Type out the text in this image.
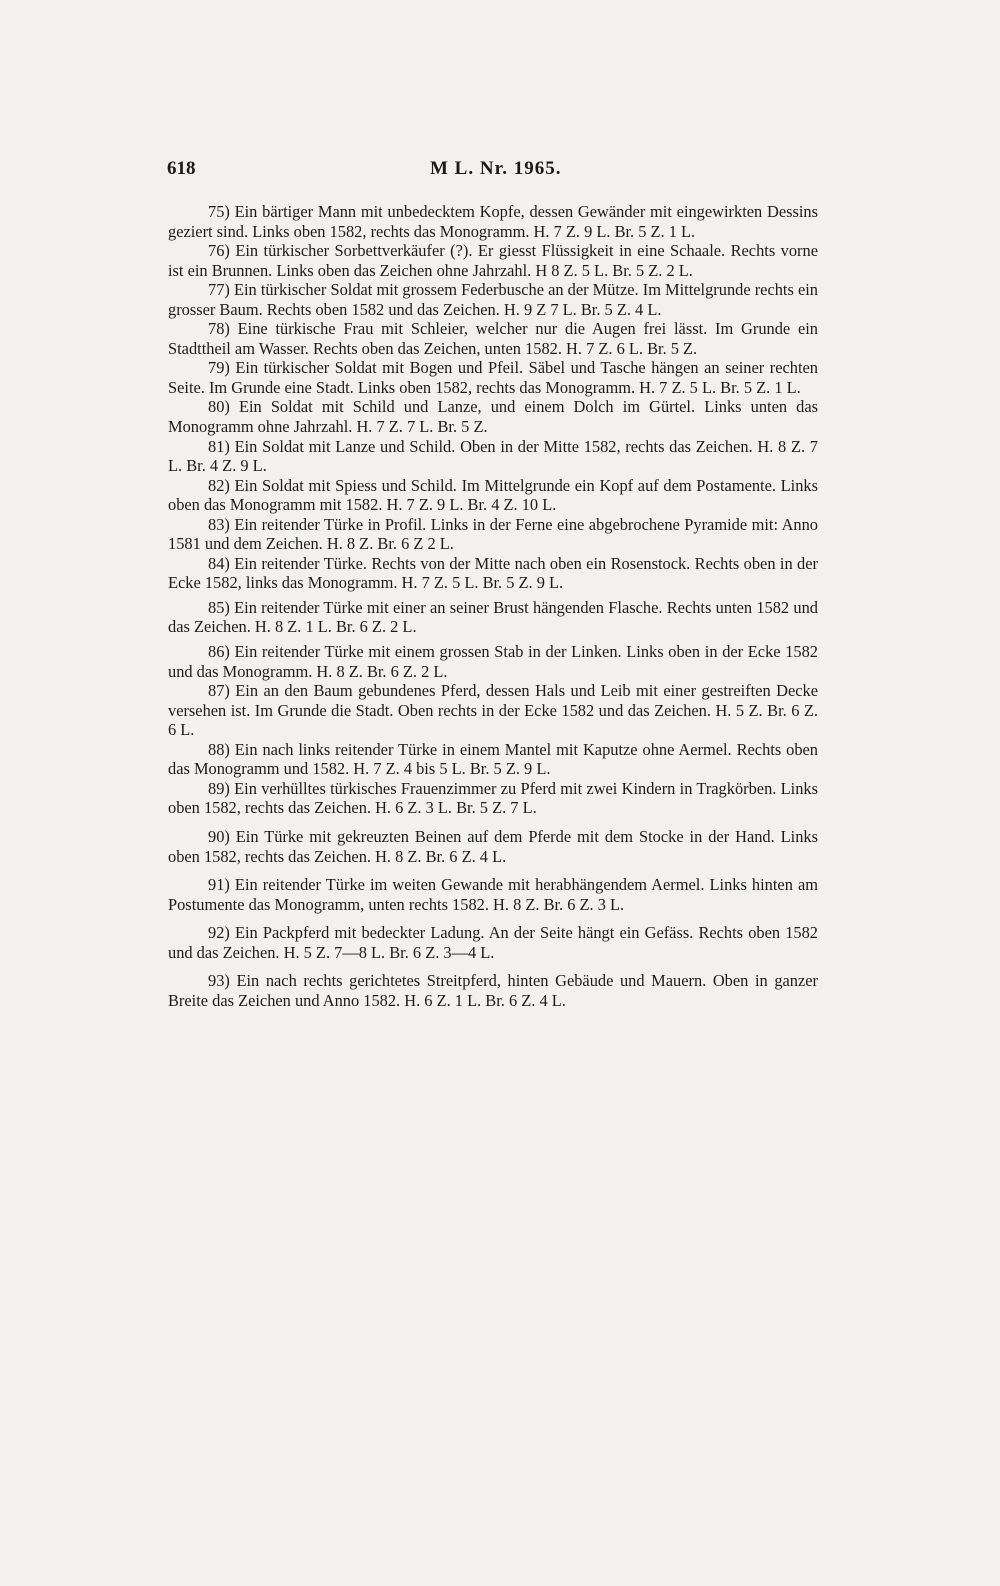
618	M L. Nr. 1965.

75) Ein bärtiger Mann mit unbedecktem Kopfe, dessen Gewänder mit eingewirkten Dessins geziert sind. Links oben 1582, rechts das Monogramm. H. 7 Z. 9 L. Br. 5 Z. 1 L.

76) Ein türkischer Sorbettverkäufer (?). Er giesst Flüssigkeit in eine Schaale. Rechts vorne ist ein Brunnen. Links oben das Zeichen ohne Jahrzahl. H 8 Z. 5 L. Br. 5 Z. 2 L.

77) Ein türkischer Soldat mit grossem Federbusche an der Mütze. Im Mittelgrunde rechts ein grosser Baum. Rechts oben 1582 und das Zeichen. H. 9 Z 7 L. Br. 5 Z. 4 L.

78) Eine türkische Frau mit Schleier, welcher nur die Augen frei lässt. Im Grunde ein Stadttheil am Wasser. Rechts oben das Zeichen, unten 1582. H. 7 Z. 6 L. Br. 5 Z.

79) Ein türkischer Soldat mit Bogen und Pfeil. Säbel und Tasche hängen an seiner rechten Seite. Im Grunde eine Stadt. Links oben 1582, rechts das Monogramm. H. 7 Z. 5 L. Br. 5 Z. 1 L.

80) Ein Soldat mit Schild und Lanze, und einem Dolch im Gürtel. Links unten das Monogramm ohne Jahrzahl. H. 7 Z. 7 L. Br. 5 Z.

81) Ein Soldat mit Lanze und Schild. Oben in der Mitte 1582, rechts das Zeichen. H. 8 Z. 7 L. Br. 4 Z. 9 L.

82) Ein Soldat mit Spiess und Schild. Im Mittelgrunde ein Kopf auf dem Postamente. Links oben das Monogramm mit 1582. H. 7 Z. 9 L. Br. 4 Z. 10 L.

83) Ein reitender Türke in Profil. Links in der Ferne eine abgebrochene Pyramide mit: Anno 1581 und dem Zeichen. H. 8 Z. Br. 6 Z 2 L.

84) Ein reitender Türke. Rechts von der Mitte nach oben ein Rosenstock. Rechts oben in der Ecke 1582, links das Monogramm. H. 7 Z. 5 L. Br. 5 Z. 9 L.

85) Ein reitender Türke mit einer an seiner Brust hängenden Flasche. Rechts unten 1582 und das Zeichen. H. 8 Z. 1 L. Br. 6 Z. 2 L.

86) Ein reitender Türke mit einem grossen Stab in der Linken. Links oben in der Ecke 1582 und das Monogramm. H. 8 Z. Br. 6 Z. 2 L.

87) Ein an den Baum gebundenes Pferd, dessen Hals und Leib mit einer gestreiften Decke versehen ist. Im Grunde die Stadt. Oben rechts in der Ecke 1582 und das Zeichen. H. 5 Z. Br. 6 Z. 6 L.

88) Ein nach links reitender Türke in einem Mantel mit Kaputze ohne Aermel. Rechts oben das Monogramm und 1582. H. 7 Z. 4 bis 5 L. Br. 5 Z. 9 L.

89) Ein verhülltes türkisches Frauenzimmer zu Pferd mit zwei Kindern in Tragkörben. Links oben 1582, rechts das Zeichen. H. 6 Z. 3 L. Br. 5 Z. 7 L.

90) Ein Türke mit gekreuzten Beinen auf dem Pferde mit dem Stocke in der Hand. Links oben 1582, rechts das Zeichen. H. 8 Z. Br. 6 Z. 4 L.

91) Ein reitender Türke im weiten Gewande mit herabhängendem Aermel. Links hinten am Postumente das Monogramm, unten rechts 1582. H. 8 Z. Br. 6 Z. 3 L.

92) Ein Packpferd mit bedeckter Ladung. An der Seite hängt ein Gefäss. Rechts oben 1582 und das Zeichen. H. 5 Z. 7—8 L. Br. 6 Z. 3—4 L.

93) Ein nach rechts gerichtetes Streitpferd, hinten Gebäude und Mauern. Oben in ganzer Breite das Zeichen und Anno 1582. H. 6 Z. 1 L. Br. 6 Z. 4 L.
